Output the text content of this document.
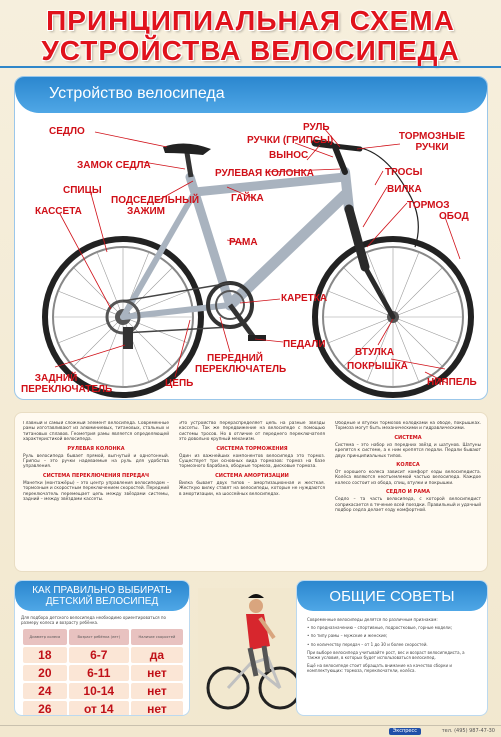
ПРИНЦИПИАЛЬНАЯ СХЕМА
УСТРОЙСТВА ВЕЛОСИПЕДА
Устройство велосипеда
СЕДЛО
ЗАМОК СЕДЛА
СПИЦЫ
ПОДСЕДЕЛЬНЫЙ ЗАЖИМ
КАССЕТА
ЗАДНИЙ ПЕРЕКЛЮЧАТЕЛЬ
ЦЕПЬ
ПЕРЕДНИЙ ПЕРЕКЛЮЧАТЕЛЬ
КАРЕТКА
ПЕДАЛИ
РАМА
ГАЙКА
РУЛЕВАЯ КОЛОНКА
ВЫНОС
РУЧКИ (ГРИПСЫ)
РУЛЬ
ТОРМОЗНЫЕ РУЧКИ
ТРОСЫ
ВИЛКА
ТОРМОЗ
ОБОД
ВТУЛКА
ПОКРЫШКА
НИППЕЛЬ

Главный и самый сложный элемент велосипеда. Современные рамы изготавливают из алюминиевых, титановых, стальных и титановых сплавов. Геометрия рамы является определяющей характеристикой велосипеда.

РУЛЕВАЯ КОЛОНКА

Руль велосипеда бывает прямой, выгнутый и однотонный. Грипсы – это ручки надеваемые на руль для удобства управления.

СИСТЕМА ПЕРЕКЛЮЧЕНИЯ ПЕРЕДАЧ

Манетки (монтажёры) – это центр управления велосипедом – тормозным и скоростным переключением скоростей. Передний переключатель перемещает цепь между звёздами системы, задний – между звёздами кассеты.

Это устройство перераспределяет цепь на разные звёзды кассеты. Так же передвижение на велосипеде с помощью системы тросов. Но в отличие от переднего переключателя это довольно крупный механизм.

СИСТЕМА ТОРМОЖЕНИЯ

Один из важнейших компонентов велосипеда это тормоз. Существует три основных вида тормозов: тормоз на базе тормозного барабана, ободные тормоза, дисковые тормоза.

СИСТЕМА АМОРТИЗАЦИИ

Вилка бывает двух типов – амортизационная и жесткая. Жесткую вилку ставят на велосипеды, которые не нуждаются в амортизации, на шоссейных велосипедах.

Ободные и втулки тормозов колодками на ободе, покрышках. Тормоза могут быть механическими и гидравлическими.

СИСТЕМА

Система – это набор из передних звёзд и шатунов. Шатуны крепятся к системе, а к ним крепятся педали. Педали бывают двух принципиальных типов.

КОЛЕСА

От хорошего колеса зависит комфорт езды велосипедиста. Колёса являются неотъемлемой частью велосипеда. Каждое колесо состоит из обода, спиц, втулки и покрышки.

СЕДЛО И РАМА

Седло – та часть велосипеда, с которой велосипедист соприкасается в течение всей поездки. Правильный и удачный подбор седла делает езду комфортной.

КАК ПРАВИЛЬНО ВЫБИРАТЬ ДЕТСКИЙ ВЕЛОСИПЕД
Для подбора детского велосипеда необходимо ориентироваться по размеру колеса и возрасту ребёнка.
Диаметр колеса	Возраст ребёнка (лет)	Наличие скоростей
18	6-7	да
20	6-11	нет
24	10-14	нет
26	от 14	нет
ОБЩИЕ СОВЕТЫ

Современные велосипеды делятся по различным признакам:

• по предназначению – спортивные, подростковые, горные модели;

• по типу рамы – мужские и женские;

• по количеству передач – от 1 до 30 и более скоростей.

При выборе велосипеда учитывайте рост, вес и возраст велосипедиста, а также условия, в которых будет использоваться велосипед.

Ещё на велосипеде стоит обращать внимание на качество сборки и комплектующих: тормоза, переключатели, колёса.

Экспресс	тел. (495) 987-47-30
